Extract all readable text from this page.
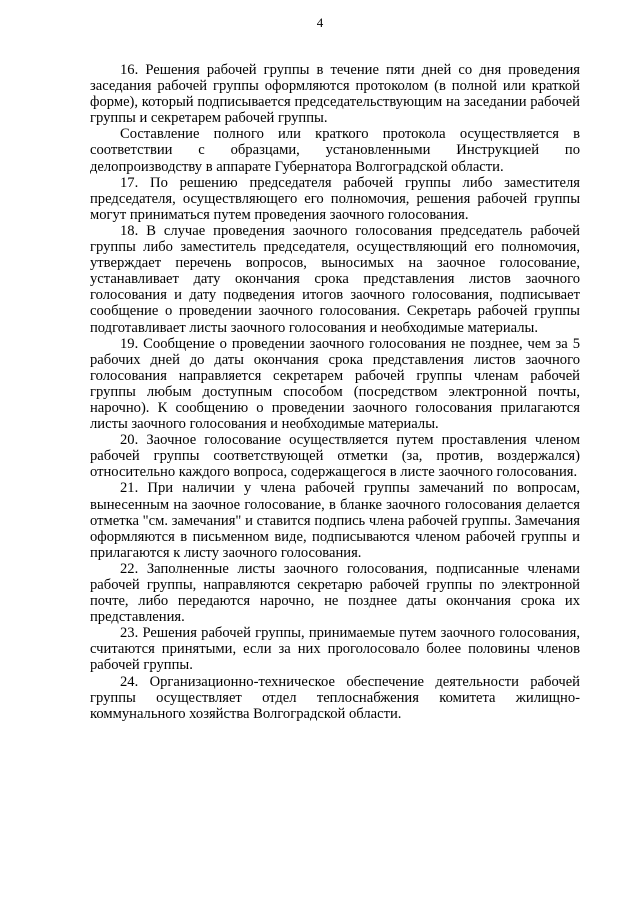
4

16. Решения рабочей группы в течение пяти дней со дня проведения заседания рабочей группы оформляются протоколом (в полной или краткой форме), который подписывается председательствующим на заседании рабочей группы и секретарем рабочей группы.

Составление полного или краткого протокола осуществляется в соответствии с образцами, установленными Инструкцией по делопроизводству в аппарате Губернатора Волгоградской области.

17. По решению председателя рабочей группы либо заместителя председателя, осуществляющего его полномочия, решения рабочей группы могут приниматься путем проведения заочного голосования.

18. В случае проведения заочного голосования председатель рабочей группы либо заместитель председателя, осуществляющий его полномочия, утверждает перечень вопросов, выносимых на заочное голосование, устанавливает дату окончания срока представления листов заочного голосования и дату подведения итогов заочного голосования, подписывает сообщение о проведении заочного голосования. Секретарь рабочей группы подготавливает листы заочного голосования и необходимые материалы.

19. Сообщение о проведении заочного голосования не позднее, чем за 5 рабочих дней до даты окончания срока представления листов заочного голосования направляется секретарем рабочей группы членам рабочей группы любым доступным способом (посредством электронной почты, нарочно). К сообщению о проведении заочного голосования прилагаются листы заочного голосования и необходимые материалы.

20. Заочное голосование осуществляется путем проставления членом рабочей группы соответствующей отметки (за, против, воздержался) относительно каждого вопроса, содержащегося в листе заочного голосования.

21. При наличии у члена рабочей группы замечаний по вопросам, вынесенным на заочное голосование, в бланке заочного голосования делается отметка "см. замечания" и ставится подпись члена рабочей группы. Замечания оформляются в письменном виде, подписываются членом рабочей группы и прилагаются к листу заочного голосования.

22. Заполненные листы заочного голосования, подписанные членами рабочей группы, направляются секретарю рабочей группы по электронной почте, либо передаются нарочно, не позднее даты окончания срока их представления.

23. Решения рабочей группы, принимаемые путем заочного голосования, считаются принятыми, если за них проголосовало более половины членов рабочей группы.

24. Организационно-техническое обеспечение деятельности рабочей группы осуществляет отдел теплоснабжения комитета жилищно-коммунального хозяйства Волгоградской области.
